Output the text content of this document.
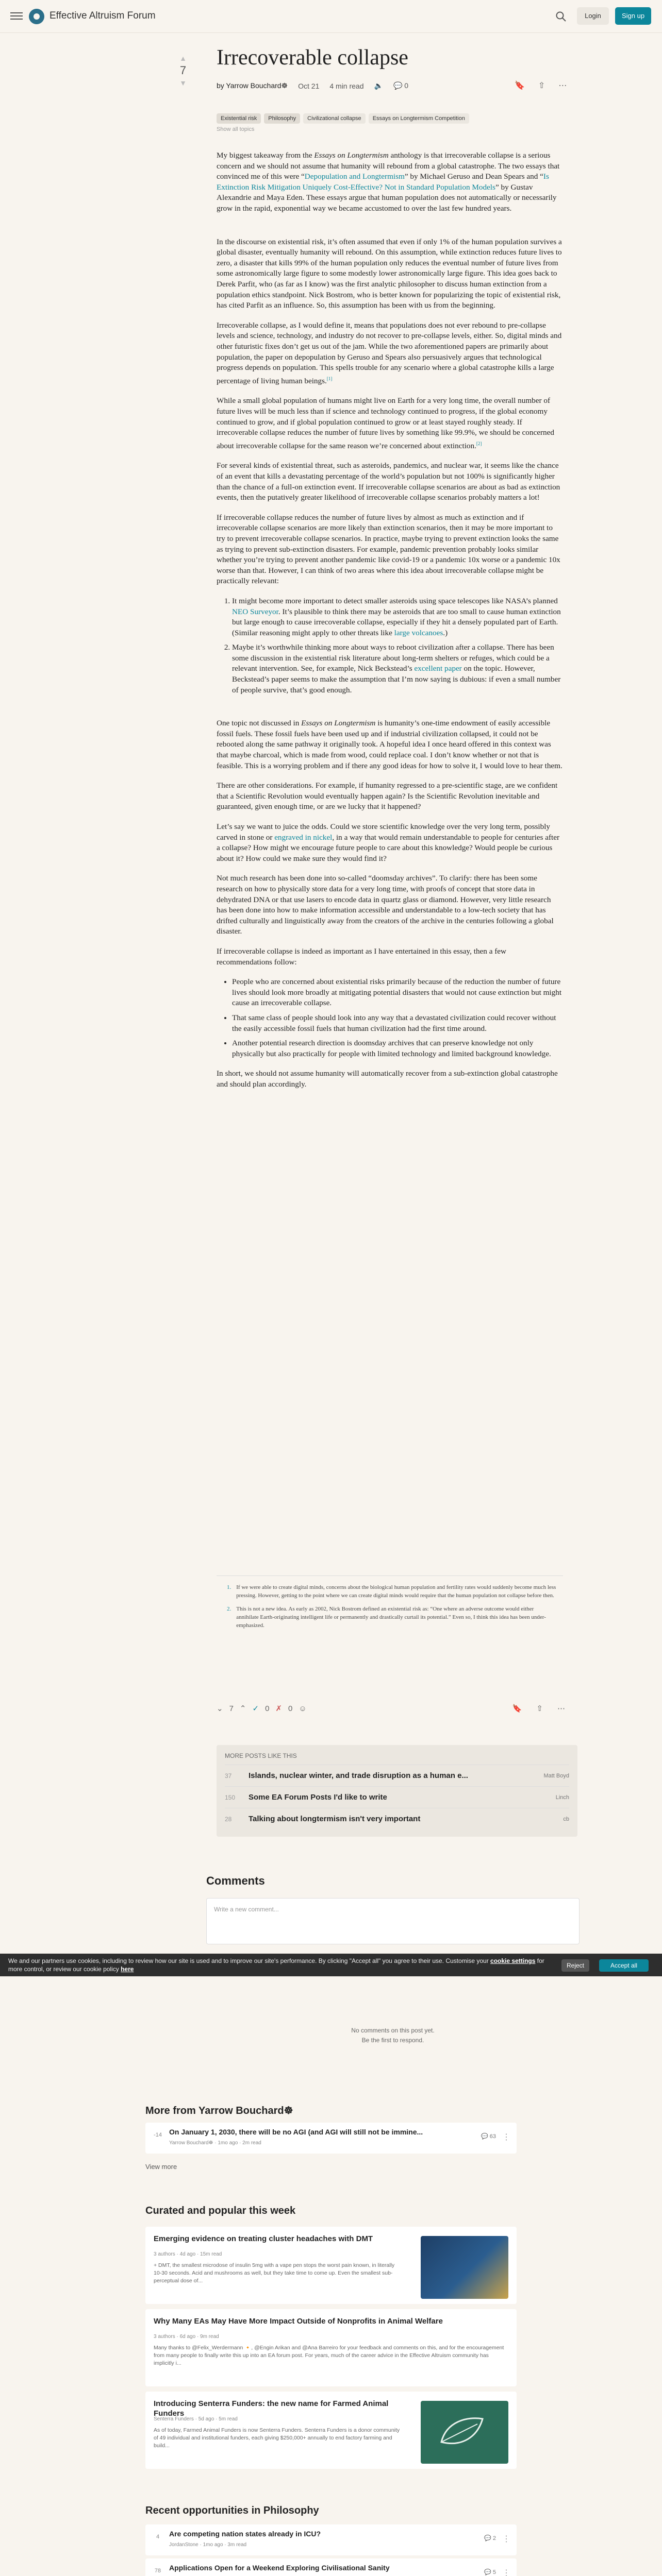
Effective Altruism Forum	Login	Sign up
▲
7
▼
Irrecoverable collapse
by Yarrow Bouchard☸ Oct 21 4 min read 🔈 💬 0	🔖 ⇧ ⋯
Existential risk	Philosophy	Civilizational collapse	Essays on Longtermism Competition
Show all topics

My biggest takeaway from the Essays on Longtermism anthology is that irrecoverable collapse is a serious concern and we should not assume that humanity will rebound from a global catastrophe. The two essays that convinced me of this were “Depopulation and Longtermism” by Michael Geruso and Dean Spears and “Is Extinction Risk Mitigation Uniquely Cost-Effective? Not in Standard Population Models” by Gustav Alexandrie and Maya Eden. These essays argue that human population does not automatically or necessarily grow in the rapid, exponential way we became accustomed to over the last few hundred years.

In the discourse on existential risk, it’s often assumed that even if only 1% of the human population survives a global disaster, eventually humanity will rebound. On this assumption, while extinction reduces future lives to zero, a disaster that kills 99% of the human population only reduces the eventual number of future lives from some astronomically large figure to some modestly lower astronomically large figure. This idea goes back to Derek Parfit, who (as far as I know) was the first analytic philosopher to discuss human extinction from a population ethics standpoint. Nick Bostrom, who is better known for popularizing the topic of existential risk, has cited Parfit as an influence. So, this assumption has been with us from the beginning.

Irrecoverable collapse, as I would define it, means that populations does not ever rebound to pre-collapse levels and science, technology, and industry do not recover to pre-collapse levels, either. So, digital minds and other futuristic fixes don’t get us out of the jam. While the two aforementioned papers are primarily about population, the paper on depopulation by Geruso and Spears also persuasively argues that technological progress depends on population. This spells trouble for any scenario where a global catastrophe kills a large percentage of living human beings.[1]

While a small global population of humans might live on Earth for a very long time, the overall number of future lives will be much less than if science and technology continued to progress, if the global economy continued to grow, and if global population continued to grow or at least stayed roughly steady. If irrecoverable collapse reduces the number of future lives by something like 99.9%, we should be concerned about irrecoverable collapse for the same reason we’re concerned about extinction.[2]

For several kinds of existential threat, such as asteroids, pandemics, and nuclear war, it seems like the chance of an event that kills a devastating percentage of the world’s population but not 100% is significantly higher than the chance of a full-on extinction event. If irrecoverable collapse scenarios are about as bad as extinction events, then the putatively greater likelihood of irrecoverable collapse scenarios probably matters a lot!

If irrecoverable collapse reduces the number of future lives by almost as much as extinction and if irrecoverable collapse scenarios are more likely than extinction scenarios, then it may be more important to try to prevent irrecoverable collapse scenarios. In practice, maybe trying to prevent extinction looks the same as trying to prevent sub-extinction disasters. For example, pandemic prevention probably looks similar whether you’re trying to prevent another pandemic like covid-19 or a pandemic 10x worse or a pandemic 10x worse than that. However, I can think of two areas where this idea about irrecoverable collapse might be practically relevant:

1. It might become more important to detect smaller asteroids using space telescopes like NASA’s planned NEO Surveyor. It’s plausible to think there may be asteroids that are too small to cause human extinction but large enough to cause irrecoverable collapse, especially if they hit a densely populated part of Earth. (Similar reasoning might apply to other threats like large volcanoes.)
2. Maybe it’s worthwhile thinking more about ways to reboot civilization after a collapse. There has been some discussion in the existential risk literature about long-term shelters or refuges, which could be a relevant intervention. See, for example, Nick Beckstead’s excellent paper on the topic. However, Beckstead’s paper seems to make the assumption that I’m now saying is dubious: if even a small number of people survive, that’s good enough.

One topic not discussed in Essays on Longtermism is humanity’s one-time endowment of easily accessible fossil fuels. These fossil fuels have been used up and if industrial civilization collapsed, it could not be rebooted along the same pathway it originally took. A hopeful idea I once heard offered in this context was that maybe charcoal, which is made from wood, could replace coal. I don’t know whether or not that is feasible. This is a worrying problem and if there any good ideas for how to solve it, I would love to hear them.

There are other considerations. For example, if humanity regressed to a pre-scientific stage, are we confident that a Scientific Revolution would eventually happen again? Is the Scientific Revolution inevitable and guaranteed, given enough time, or are we lucky that it happened?

Let’s say we want to juice the odds. Could we store scientific knowledge over the very long term, possibly carved in stone or engraved in nickel, in a way that would remain understandable to people for centuries after a collapse? How might we encourage future people to care about this knowledge? Would people be curious about it? How could we make sure they would find it?

Not much research has been done into so-called “doomsday archives”. To clarify: there has been some research on how to physically store data for a very long time, with proofs of concept that store data in dehydrated DNA or that use lasers to encode data in quartz glass or diamond. However, very little research has been done into how to make information accessible and understandable to a low-tech society that has drifted culturally and linguistically away from the creators of the archive in the centuries following a global disaster.

If irrecoverable collapse is indeed as important as I have entertained in this essay, then a few recommendations follow:

• People who are concerned about existential risks primarily because of the reduction the number of future lives should look more broadly at mitigating potential disasters that would not cause extinction but might cause an irrecoverable collapse.
• That same class of people should look into any way that a devastated civilization could recover without the easily accessible fossil fuels that human civilization had the first time around.
• Another potential research direction is doomsday archives that can preserve knowledge not only physically but also practically for people with limited technology and limited background knowledge.

In short, we should not assume humanity will automatically recover from a sub-extinction global catastrophe and should plan accordingly.

1. If we were able to create digital minds, concerns about the biological human population and fertility rates would suddenly become much less pressing. However, getting to the point where we can create digital minds would require that the human population not collapse before then.
2. This is not a new idea. As early as 2002, Nick Bostrom defined an existential risk as: “One where an adverse outcome would either annihilate Earth-originating intelligent life or permanently and drastically curtail its potential.” Even so, I think this idea has been under-emphasized.
⌄ 7 ⌃ ✓ 0 ✗ 0 ☺	🔖 ⇧ ⋯
MORE POSTS LIKE THIS
37	Islands, nuclear winter, and trade disruption as a human e...	Matt Boyd
150	Some EA Forum Posts I'd like to write	Linch
28	Talking about longtermism isn't very important	cb
Comments
Write a new comment...
We and our partners use cookies, including to review how our site is used and to improve our site's performance. By clicking "Accept all" you agree to their use. Customise your cookie settings for more control, or review our cookie policy here	Reject	Accept all
No comments on this post yet.
Be the first to respond.
More from Yarrow Bouchard☸
-14 On January 1, 2030, there will be no AGI (and AGI will still not be immine...
Yarrow Bouchard☸ · 1mo ago · 2m read
💬 63 ⋮
View more
Curated and popular this week
Emerging evidence on treating cluster headaches with DMT
3 authors · 4d ago · 15m read
+ DMT, the smallest microdose of insulin 5mg with a vape pen stops the worst pain known, in literally 10-30 seconds. Acid and mushrooms as well, but they take time to come up. Even the smallest sub-perceptual dose of...
Why Many EAs May Have More Impact Outside of Nonprofits in Animal Welfare
3 authors · 6d ago · 9m read
Many thanks to @Felix_Werdermann 🔸, @Engin Arikan and @Ana Barreiro for your feedback and comments on this, and for the encouragement from many people to finally write this up into an EA forum post. For years, much of the career advice in the Effective Altruism community has implicitly i...
Introducing Senterra Funders: the new name for Farmed Animal Funders
Senterra Funders · 5d ago · 5m read
As of today, Farmed Animal Funders is now Senterra Funders. Senterra Funders is a donor community of 49 individual and institutional funders, each giving $250,000+ annually to end factory farming and build...
Recent opportunities in Philosophy
4	Are competing nation states already in ICU?
JordanStone · 1mo ago · 3m read
💬 2 ⋮
78	Applications Open for a Weekend Exploring Civilisational Sanity
💬 5 ⋮
